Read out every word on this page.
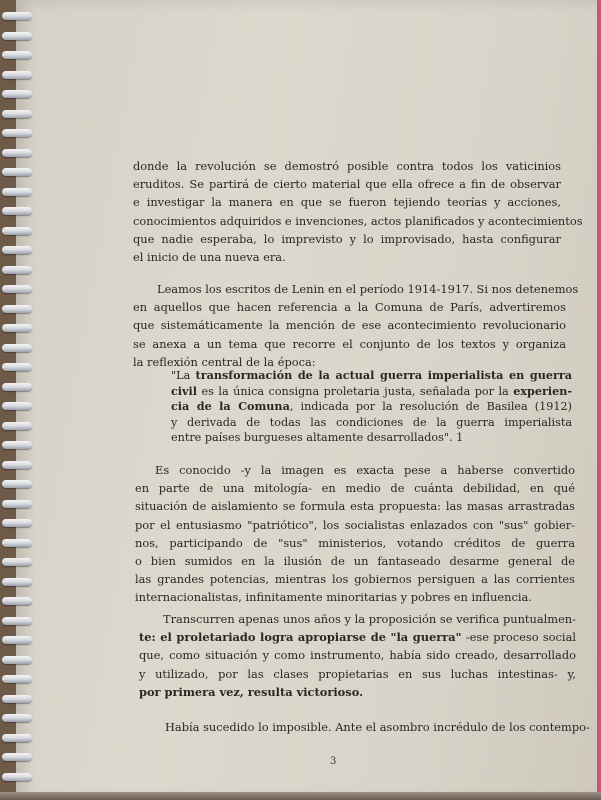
donde la revolución se demostró posible contra todos los vaticinios
eruditos. Se partirá de cierto material que ella ofrece a fin de observar
e investigar la manera en que se fueron tejiendo teorías y acciones,
conocimientos adquiridos e invenciones, actos planificados y acontecimientos
que nadie esperaba, lo imprevisto y lo improvisado, hasta configurar
el inicio de una nueva era.
Leamos los escritos de Lenin en el período 1914-1917. Si nos detenemos
en aquellos que hacen referencia a la Comuna de París, advertiremos
que sistemáticamente la mención de ese acontecimiento revolucionario
se anexa a un tema que recorre el conjunto de los textos y organiza
la reflexión central de la época:
"La transformación de la actual guerra imperialista en guerra
civil es la única consigna proletaria justa, señalada por la experien-
cia de la Comuna, indicada por la resolución de Basilea (1912)
y derivada de todas las condiciones de la guerra imperialista
entre países burgueses altamente desarrollados". 1
Es conocido -y la imagen es exacta pese a haberse convertido
en parte de una mitología- en medio de cuánta debilidad, en qué
situación de aislamiento se formula esta propuesta: las masas arrastradas
por el entusiasmo "patriótico", los socialistas enlazados con "sus" gobier-
nos, participando de "sus" ministerios, votando créditos de guerra
o bien sumidos en la ilusión de un fantaseado desarme general de
las grandes potencias, mientras los gobiernos persiguen a las corrientes
internacionalistas, infinitamente minoritarias y pobres en influencia.
Transcurren apenas unos años y la proposición se verifica puntualmen-
te: el proletariado logra apropiarse de "la guerra" -ese proceso social
que, como situación y como instrumento, había sido creado, desarrollado
y utilizado, por las clases propietarias en sus luchas intestinas- y,
por primera vez, resulta victorioso.
Había sucedido lo imposible. Ante el asombro incrédulo de los contempo-
3
